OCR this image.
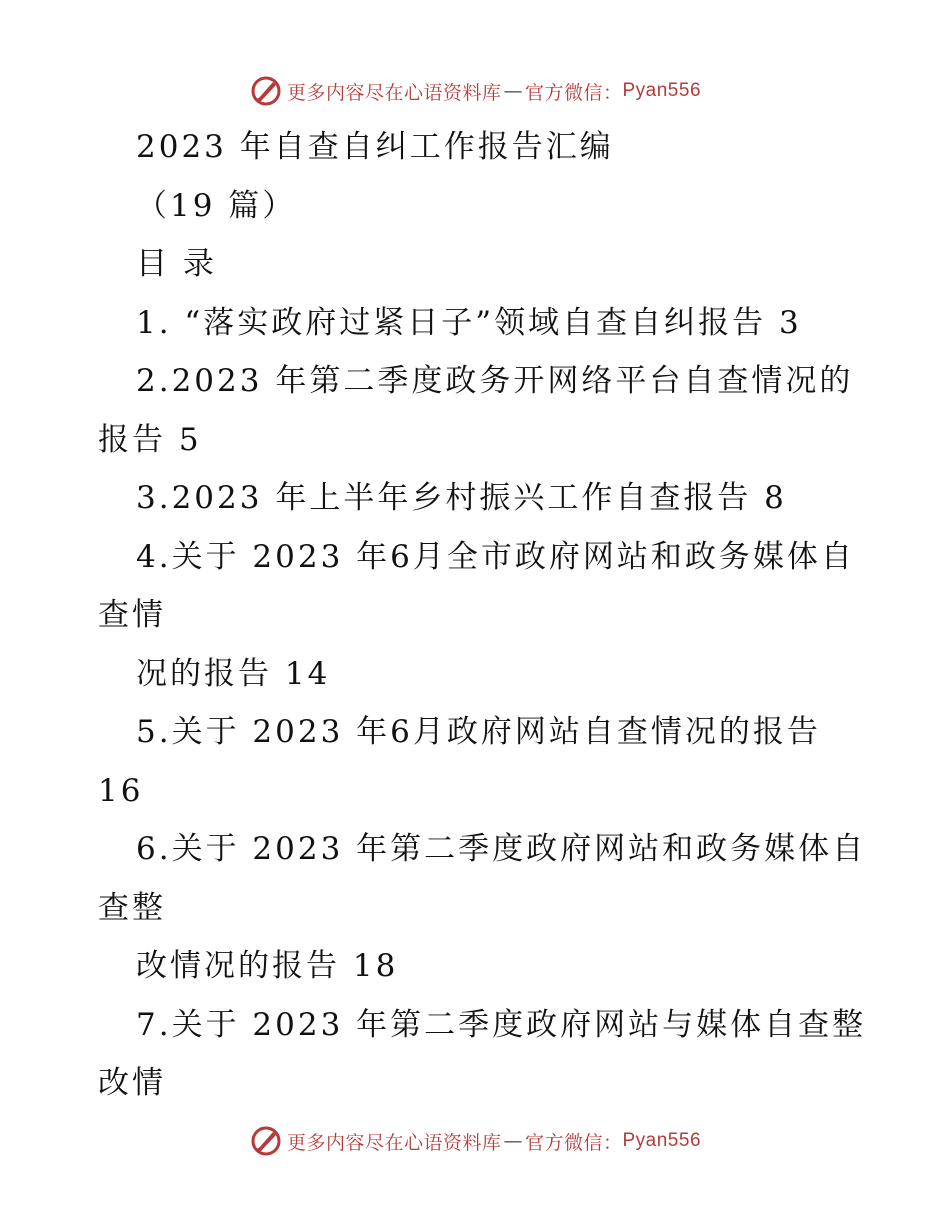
更多内容尽在心语资料库 — 官方微信： Pyan556
2023 年自查自纠工作报告汇编
（19 篇）
目 录
1. “落实政府过紧日子”领域自查自纠报告 3
2.2023 年第二季度政务开网络平台自查情况的
报告 5
3.2023 年上半年乡村振兴工作自查报告 8
4.关于 2023 年6月全市政府网站和政务媒体自
查情
况的报告 14
5.关于 2023 年6月政府网站自查情况的报告
16
6.关于 2023 年第二季度政府网站和政务媒体自
查整
改情况的报告 18
7.关于 2023 年第二季度政府网站与媒体自查整
改情
更多内容尽在心语资料库 — 官方微信： Pyan556
